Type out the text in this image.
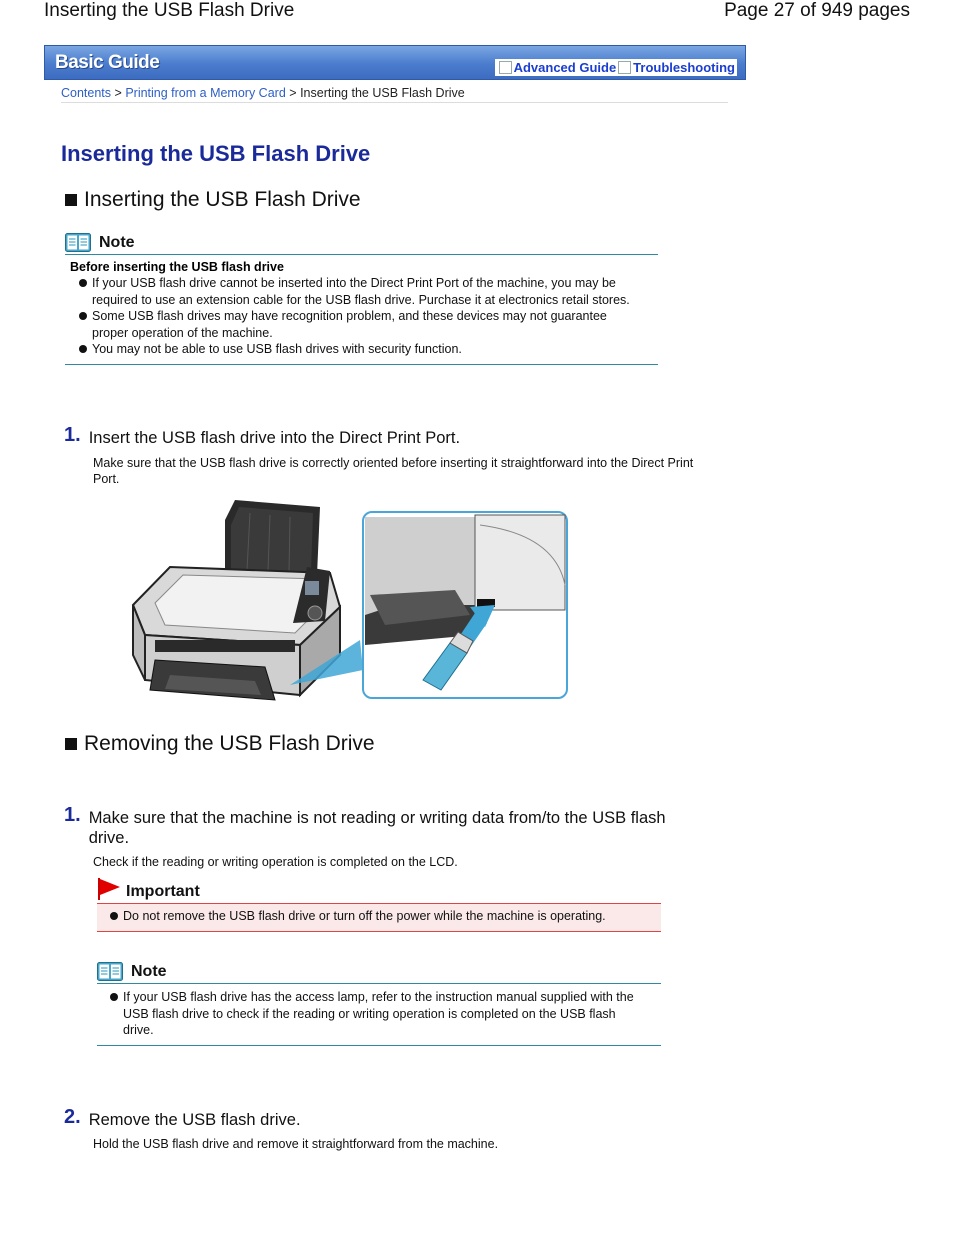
Inserting the USB Flash Drive	Page 27 of 949 pages
Basic Guide	Advanced Guide Troubleshooting
Contents > Printing from a Memory Card > Inserting the USB Flash Drive
Inserting the USB Flash Drive
Inserting the USB Flash Drive
Note
Before inserting the USB flash drive
If your USB flash drive cannot be inserted into the Direct Print Port of the machine, you may be required to use an extension cable for the USB flash drive. Purchase it at electronics retail stores.
Some USB flash drives may have recognition problem, and these devices may not guarantee proper operation of the machine.
You may not be able to use USB flash drives with security function.
1. Insert the USB flash drive into the Direct Print Port.
Make sure that the USB flash drive is correctly oriented before inserting it straightforward into the Direct Print Port.
Removing the USB Flash Drive
1. Make sure that the machine is not reading or writing data from/to the USB flash drive.
Check if the reading or writing operation is completed on the LCD.
Important
Do not remove the USB flash drive or turn off the power while the machine is operating.
Note
If your USB flash drive has the access lamp, refer to the instruction manual supplied with the USB flash drive to check if the reading or writing operation is completed on the USB flash drive.
2. Remove the USB flash drive.
Hold the USB flash drive and remove it straightforward from the machine.
